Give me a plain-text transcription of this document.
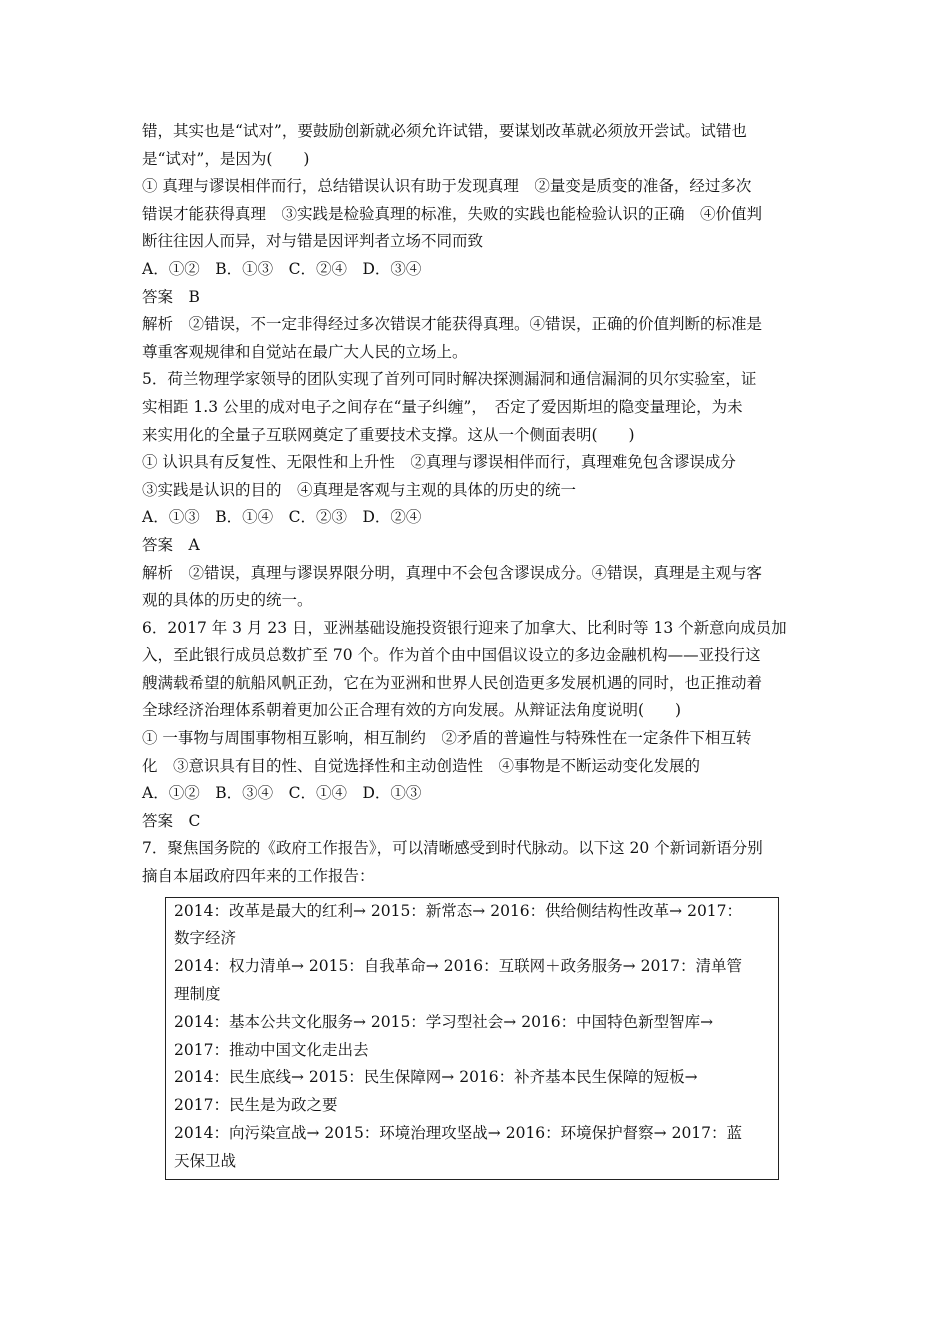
错，其实也是“试对”，要鼓励创新就必须允许试错，要谋划改革就必须放开尝试。试错也
是“试对”，是因为(　　)
① 真理与谬误相伴而行，总结错误认识有助于发现真理　②量变是质变的准备，经过多次
错误才能获得真理　③实践是检验真理的标准，失败的实践也能检验认识的正确　④价值判
断往往因人而异，对与错是因评判者立场不同而致
A．①②　B．①③　C．②④　D．③④
答案　B
解析　②错误，不一定非得经过多次错误才能获得真理。④错误，正确的价值判断的标准是
尊重客观规律和自觉站在最广大人民的立场上。
5．荷兰物理学家领导的团队实现了首列可同时解决探测漏洞和通信漏洞的贝尔实验室，证
实相距 1.3 公里的成对电子之间存在“量子纠缠”，　否定了爱因斯坦的隐变量理论，为未
来实用化的全量子互联网奠定了重要技术支撑。这从一个侧面表明(　　)
① 认识具有反复性、无限性和上升性　②真理与谬误相伴而行，真理难免包含谬误成分
③实践是认识的目的　④真理是客观与主观的具体的历史的统一
A．①③　B．①④　C．②③　D．②④
答案　A
解析　②错误，真理与谬误界限分明，真理中不会包含谬误成分。④错误，真理是主观与客
观的具体的历史的统一。
6．2017 年 3 月 23 日，亚洲基础设施投资银行迎来了加拿大、比利时等 13 个新意向成员加
入，至此银行成员总数扩至 70 个。作为首个由中国倡议设立的多边金融机构——亚投行这
艘满载希望的航船风帆正劲，它在为亚洲和世界人民创造更多发展机遇的同时，也正推动着
全球经济治理体系朝着更加公正合理有效的方向发展。从辩证法角度说明(　　)
① 一事物与周围事物相互影响，相互制约　②矛盾的普遍性与特殊性在一定条件下相互转
化　③意识具有目的性、自觉选择性和主动创造性　④事物是不断运动变化发展的
A．①②　B．③④　C．①④　D．①③
答案　C
7．聚焦国务院的《政府工作报告》，可以清晰感受到时代脉动。以下这 20 个新词新语分别
摘自本届政府四年来的工作报告：
2014：改革是最大的红利→ 2015：新常态→ 2016：供给侧结构性改革→ 2017：
数字经济
2014：权力清单→ 2015：自我革命→ 2016：互联网＋政务服务→ 2017：清单管
理制度
2014：基本公共文化服务→ 2015：学习型社会→ 2016：中国特色新型智库→
2017：推动中国文化走出去
2014：民生底线→ 2015：民生保障网→ 2016：补齐基本民生保障的短板→
2017：民生是为政之要
2014：向污染宣战→ 2015：环境治理攻坚战→ 2016：环境保护督察→ 2017：蓝
天保卫战
